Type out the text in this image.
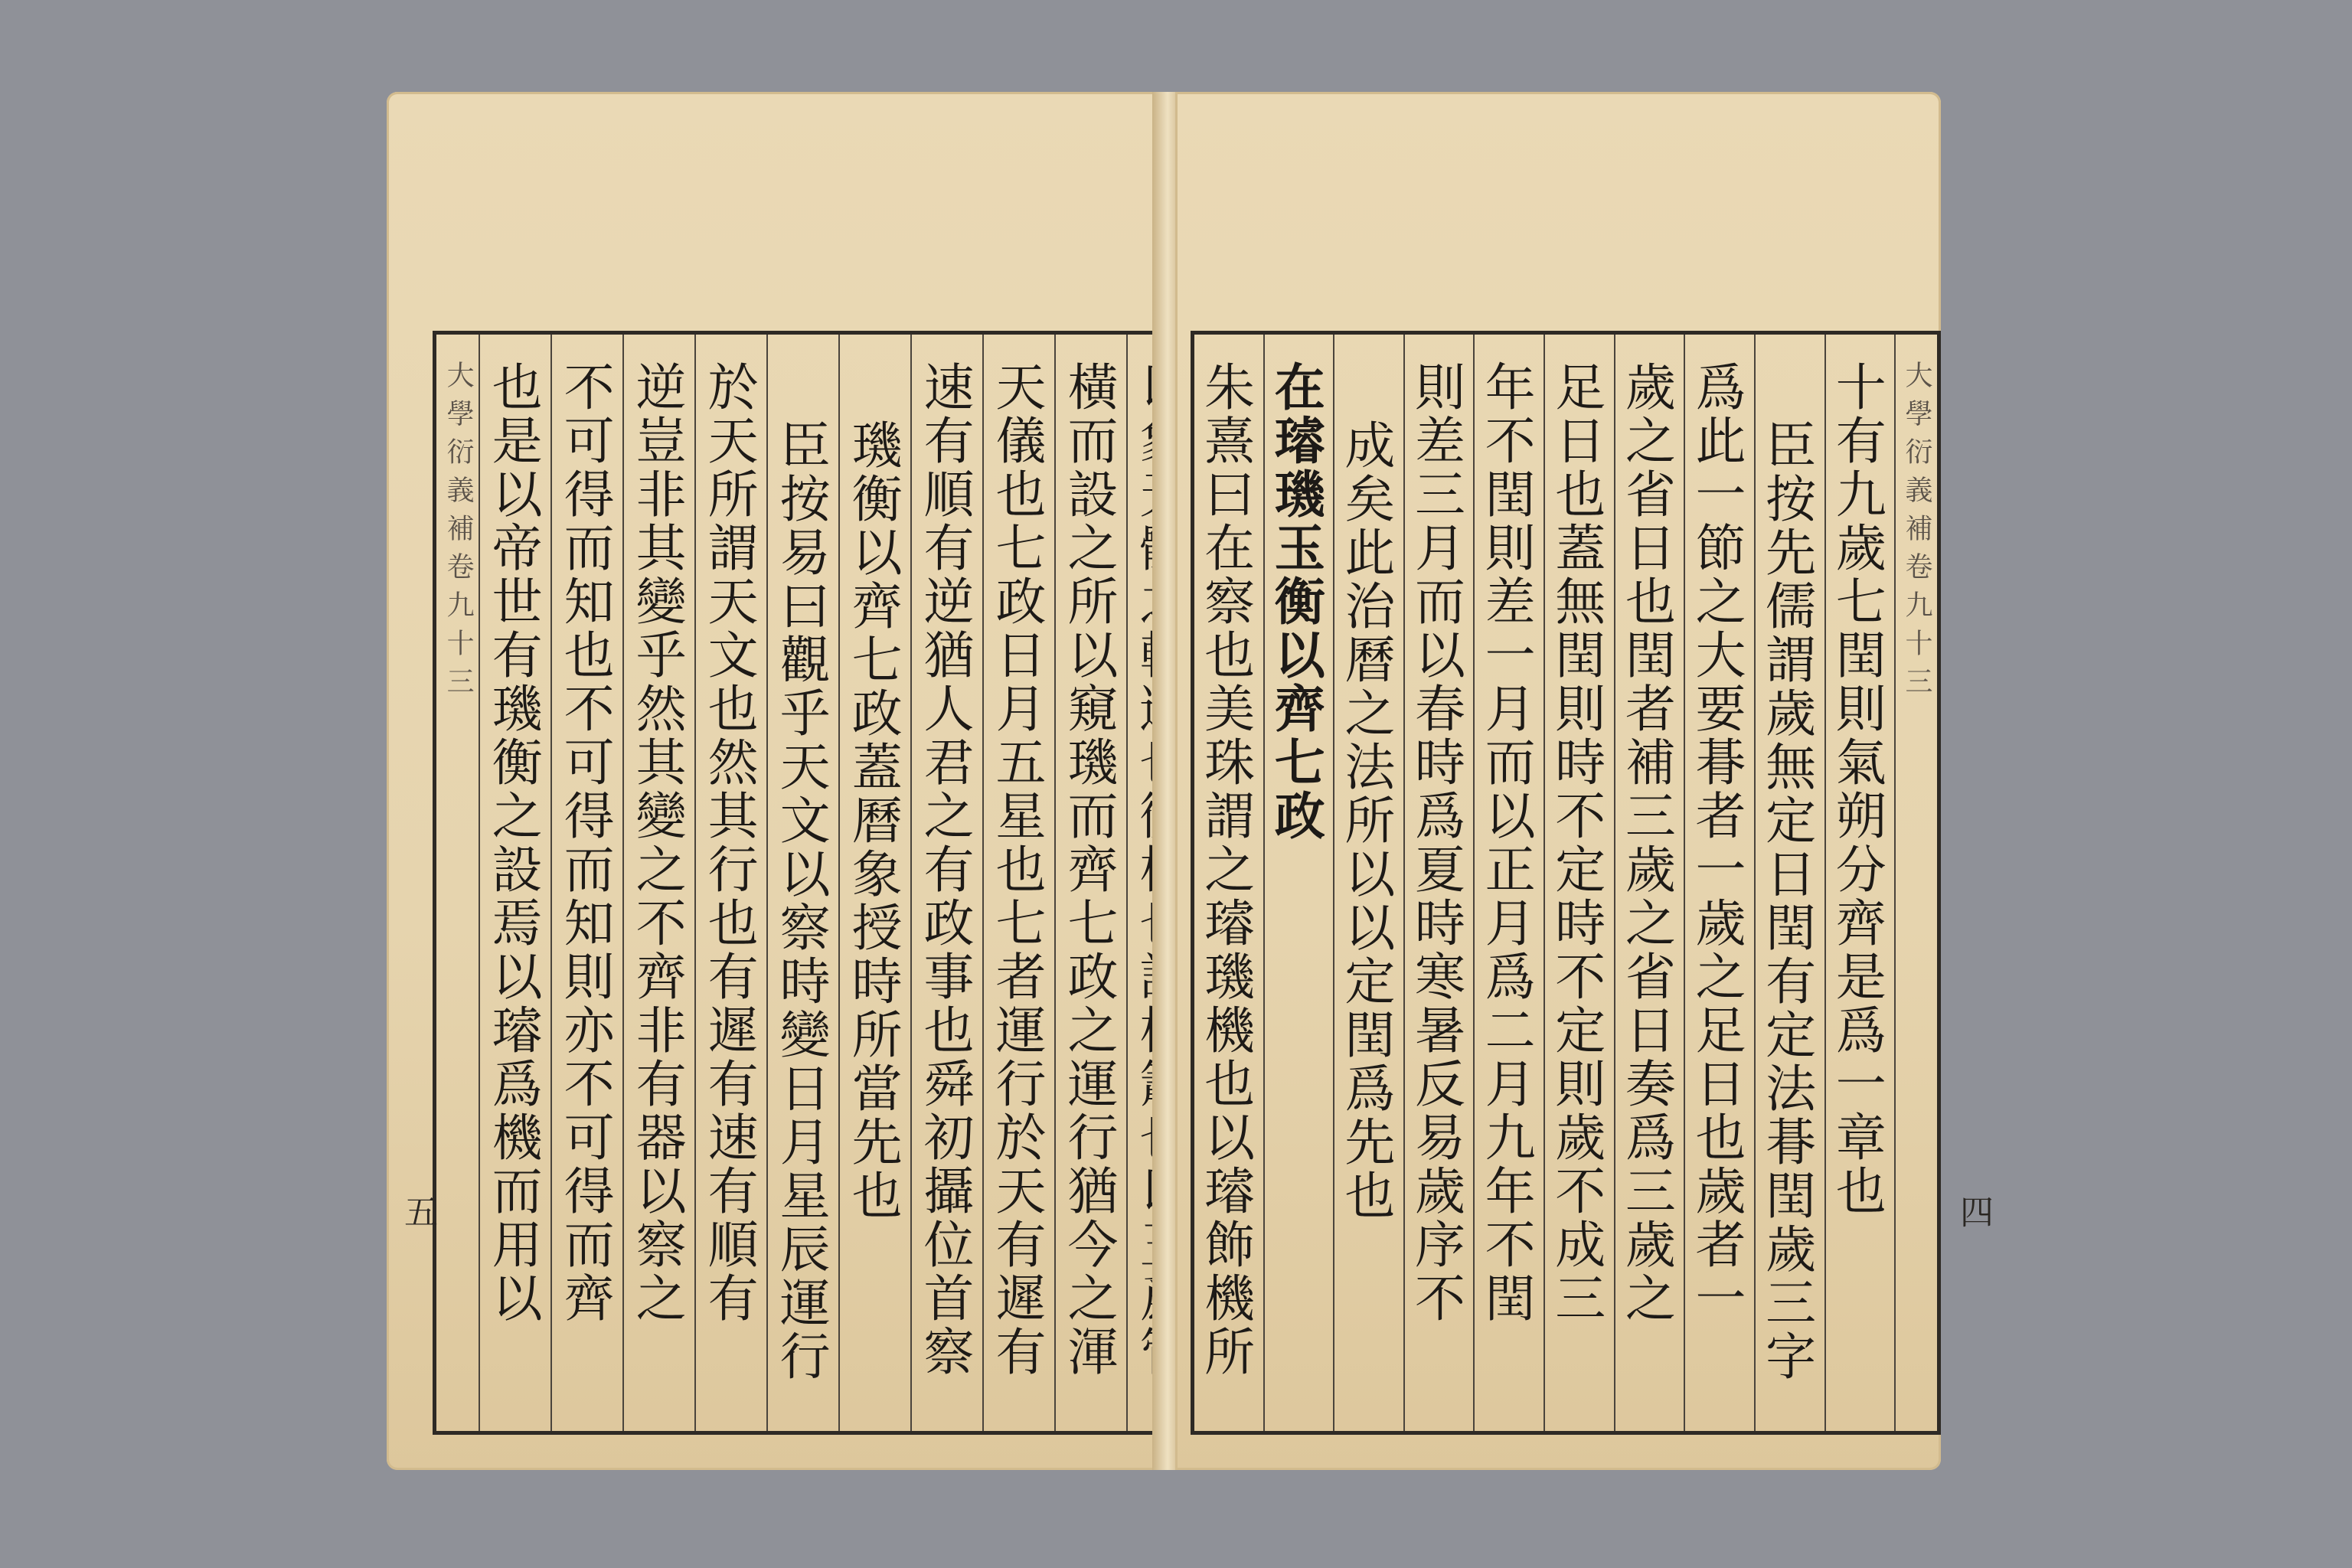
橫而設之所以窺璣而齊七政之運行猶今之渾
天儀也七政日月五星也七者運行於天有遲有
速有順有逆猶人君之有政事也舜初攝位首察
璣衡以齊七政蓋曆象授時所當先也
臣按易曰觀乎天文以察時變日月星辰運行
於天所謂天文也然其行也有遲有速有順有
逆豈非其變乎然其變之不齊非有器以察之
不可得而知也不可得而知則亦不可得而齊
也是以帝世有璣衡之設焉以璿爲機而用以
大學衍義補卷九十三
五
大學衍義補卷九十三
十有九歲七閏則氣朔分齊是爲一章也
臣按先儒謂歲無定日閏有定法朞閏歲三字
爲此一節之大要朞者一歲之足日也歲者一
歲之省日也閏者補三歲之省日奏爲三歲之
足日也蓋無閏則時不定時不定則歲不成三
年不閏則差一月而以正月爲二月九年不閏
則差三月而以春時爲夏時寒暑反易歲序不
成矣此治曆之法所以以定閏爲先也
在璿璣玉衡以齊七政
朱熹曰在察也美珠謂之璿璣機也以璿飾機所	四
